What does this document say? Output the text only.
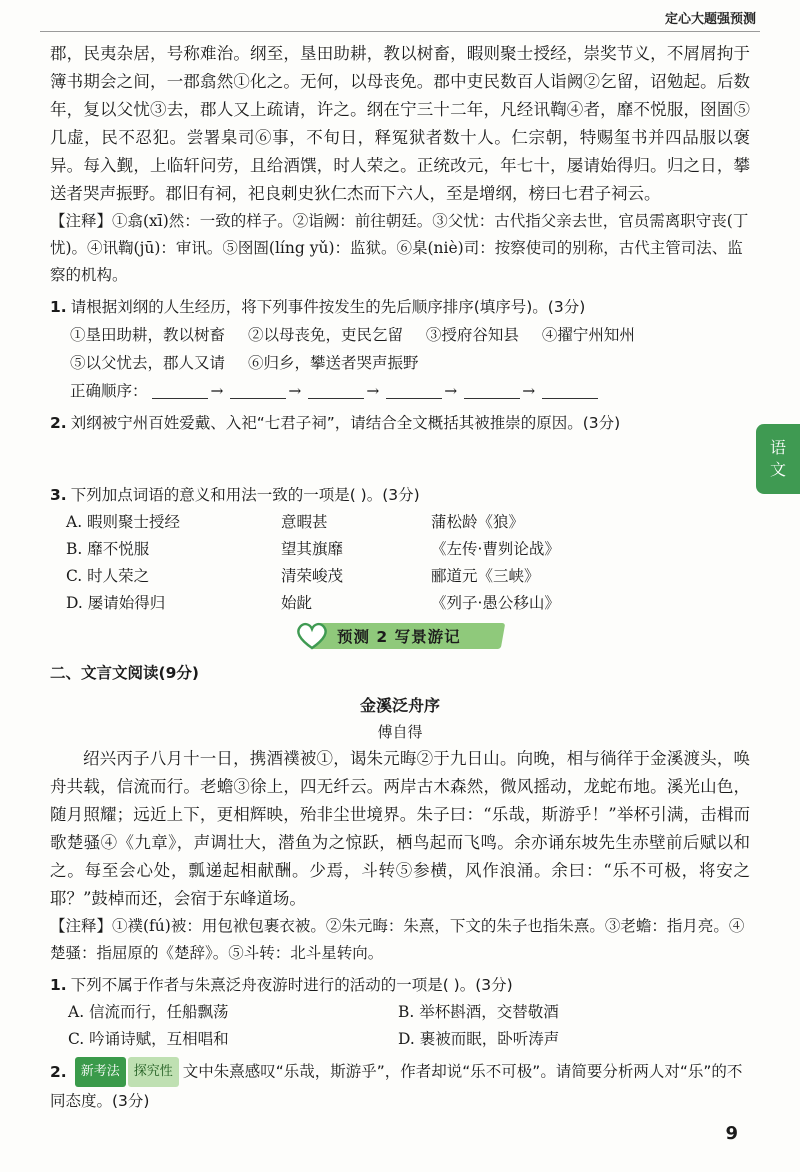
定心大题强预测
语
文

郡，民夷杂居，号称难治。纲至，垦田助耕，教以树畜，暇则聚士授经，崇奖节义，不屑屑拘于簿书期会之间，一郡翕然①化之。无何，以母丧免。郡中吏民数百人诣阙②乞留，诏勉起。后数年，复以父忧③去，郡人又上疏请，许之。纲在宁三十二年，凡经讯鞫④者，靡不悦服，囹圄⑤几虚，民不忍犯。尝署臬司⑥事，不旬日，释冤狱者数十人。仁宗朝，特赐玺书并四品服以褒异。每入觐，上临轩问劳，且给酒馔，时人荣之。正统改元，年七十，屡请始得归。归之日，攀送者哭声振野。郡旧有祠，祀良刺史狄仁杰而下六人，至是增纲，榜曰七君子祠云。

【注释】①翕(xī)然：一致的样子。②诣阙：前往朝廷。③父忧：古代指父亲去世，官员需离职守丧(丁忧)。④讯鞫(jū)：审讯。⑤囹圄(líng yǔ)：监狱。⑥臬(niè)司：按察使司的别称，古代主管司法、监察的机构。

1. 请根据刘纲的人生经历，将下列事件按发生的先后顺序排序(填序号)。(3分)
①垦田助耕，教以树畜 ②以母丧免，吏民乞留 ③授府谷知县 ④擢宁州知州
⑤以父忧去，郡人又请 ⑥归乡，攀送者哭声振野
正确顺序：	→	→	→	→	→
2. 刘纲被宁州百姓爱戴、入祀“七君子祠”，请结合全文概括其被推崇的原因。(3分)
3. 下列加点词语的意义和用法一致的一项是( )。(3分)
A. 暇则聚士授经	意暇甚	蒲松龄《狼》
B. 靡不悦服	望其旗靡	《左传·曹刿论战》
C. 时人荣之	清荣峻茂	郦道元《三峡》
D. 屡请始得归	始龀	《列子·愚公移山》
预测 2 写景游记
二、文言文阅读(9分)
金溪泛舟序
傅自得

绍兴丙子八月十一日，携酒襆被①，谒朱元晦②于九日山。向晚，相与徜徉于金溪渡头，唤舟共载，信流而行。老蟾③徐上，四无纤云。两岸古木森然，微风摇动，龙蛇布地。溪光山色，随月照耀；远近上下，更相辉映，殆非尘世境界。朱子曰：“乐哉，斯游乎！”举杯引满，击楫而歌楚骚④《九章》，声调壮大，潜鱼为之惊跃，栖鸟起而飞鸣。余亦诵东坡先生赤壁前后赋以和之。每至会心处，瓢递起相献酬。少焉，斗转⑤参横，风作浪涌。余曰：“乐不可极，将安之耶？”鼓棹而还，会宿于东峰道场。

【注释】①襆(fú)被：用包袱包裹衣被。②朱元晦：朱熹，下文的朱子也指朱熹。③老蟾：指月亮。④楚骚：指屈原的《楚辞》。⑤斗转：北斗星转向。

1. 下列不属于作者与朱熹泛舟夜游时进行的活动的一项是( )。(3分)
A. 信流而行，任船飘荡	B. 举杯斟酒，交替敬酒
C. 吟诵诗赋，互相唱和	D. 裹被而眠，卧听涛声
2.	新考法	探究性 文中朱熹感叹“乐哉，斯游乎”，作者却说“乐不可极”。请简要分析两人对“乐”的不同态度。(3分)
9
